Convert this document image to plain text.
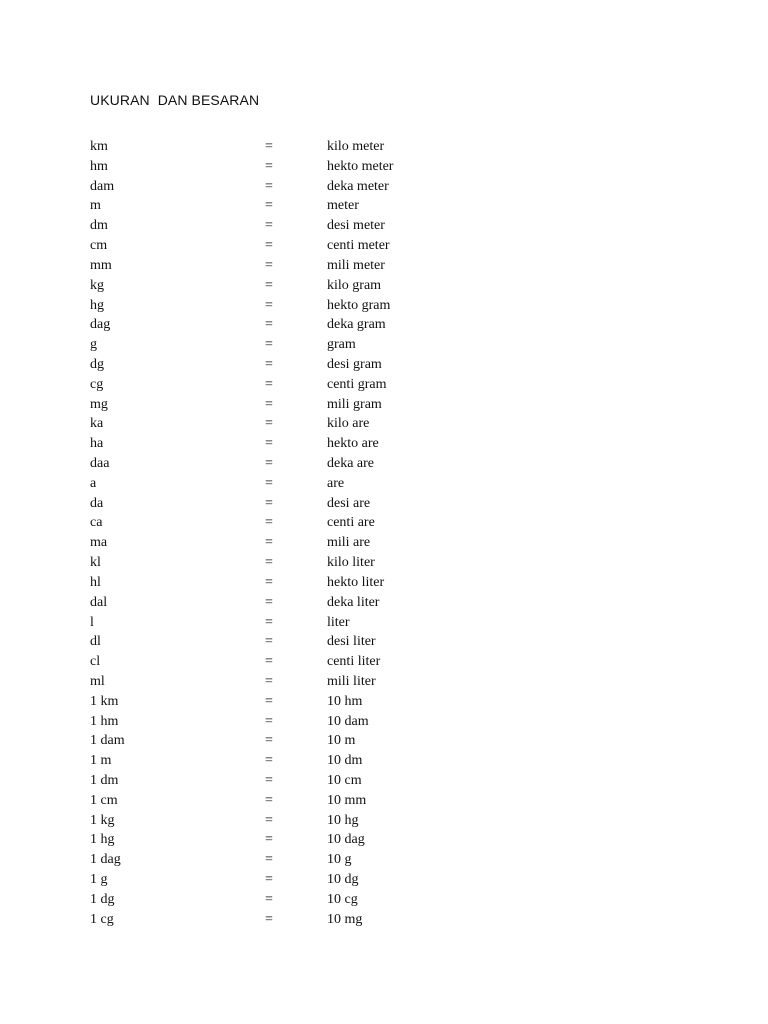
UKURAN  DAN BESARAN
km	=	kilo meter
hm	=	hekto meter
dam	=	deka meter
m	=	meter
dm	=	desi meter
cm	=	centi meter
mm	=	mili meter
kg	=	kilo gram
hg	=	hekto gram
dag	=	deka gram
g	=	gram
dg	=	desi gram
cg	=	centi gram
mg	=	mili gram
ka	=	kilo are
ha	=	hekto are
daa	=	deka are
a	=	are
da	=	desi are
ca	=	centi are
ma	=	mili are
kl	=	kilo liter
hl	=	hekto liter
dal	=	deka liter
l	=	liter
dl	=	desi liter
cl	=	centi liter
ml	=	mili liter
1 km	=	10 hm
1 hm	=	10 dam
1 dam	=	10 m
1 m	=	10 dm
1 dm	=	10 cm
1 cm	=	10 mm
1 kg	=	10 hg
1 hg	=	10 dag
1 dag	=	10 g
1 g	=	10 dg
1 dg	=	10 cg
1 cg	=	10 mg
